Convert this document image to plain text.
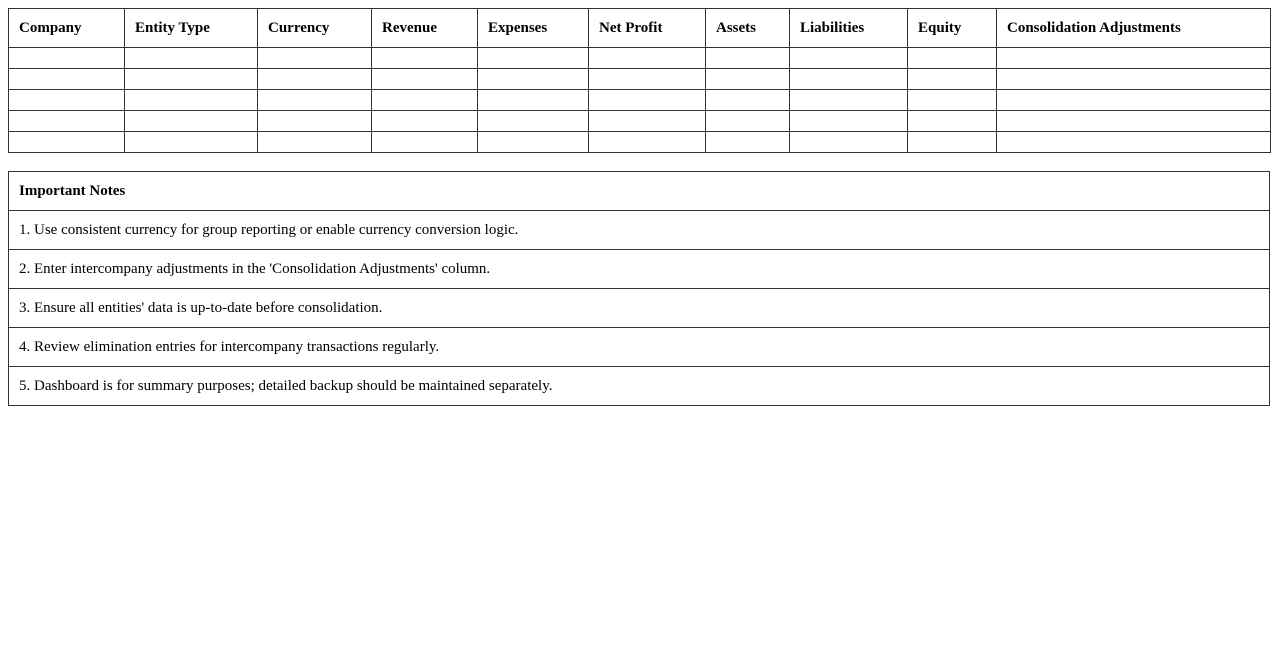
Company	Entity Type	Currency	Revenue	Expenses	Net Profit	Assets	Liabilities	Equity	Consolidation Adjustments

Important Notes
1. Use consistent currency for group reporting or enable currency conversion logic.
2. Enter intercompany adjustments in the 'Consolidation Adjustments' column.
3. Ensure all entities' data is up-to-date before consolidation.
4. Review elimination entries for intercompany transactions regularly.
5. Dashboard is for summary purposes; detailed backup should be maintained separately.
